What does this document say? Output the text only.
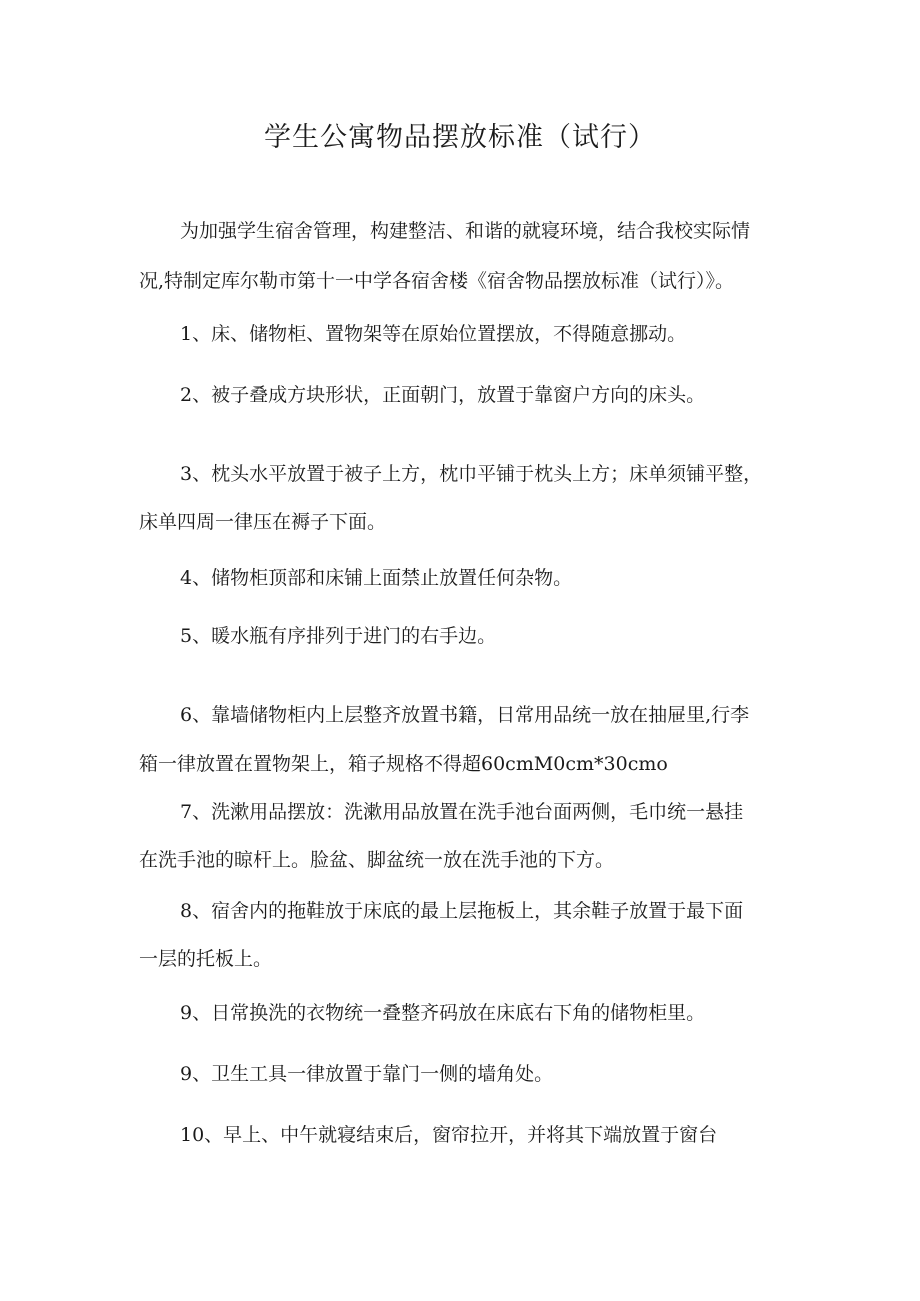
学生公寓物品摆放标准（试行）
为加强学生宿舍管理，构建整洁、和谐的就寝环境，结合我校实际情
况,特制定库尔勒市第十一中学各宿舍楼《宿舍物品摆放标准（试行）》。
1、床、储物柜、置物架等在原始位置摆放，不得随意挪动。
2、被子叠成方块形状，正面朝门，放置于靠窗户方向的床头。
3、枕头水平放置于被子上方，枕巾平铺于枕头上方；床单须铺平整，
床单四周一律压在褥子下面。
4、储物柜顶部和床铺上面禁止放置任何杂物。
5、暖水瓶有序排列于进门的右手边。
6、靠墙储物柜内上层整齐放置书籍，日常用品统一放在抽屉里,行李
箱一律放置在置物架上，箱子规格不得超60cmM0cm*30cmo
7、洗漱用品摆放：洗漱用品放置在洗手池台面两侧，毛巾统一悬挂
在洗手池的晾杆上。脸盆、脚盆统一放在洗手池的下方。
8、宿舍内的拖鞋放于床底的最上层拖板上，其余鞋子放置于最下面
一层的托板上。
9、日常换洗的衣物统一叠整齐码放在床底右下角的储物柜里。
9、卫生工具一律放置于靠门一侧的墙角处。
10、早上、中午就寝结束后，窗帘拉开，并将其下端放置于窗台
